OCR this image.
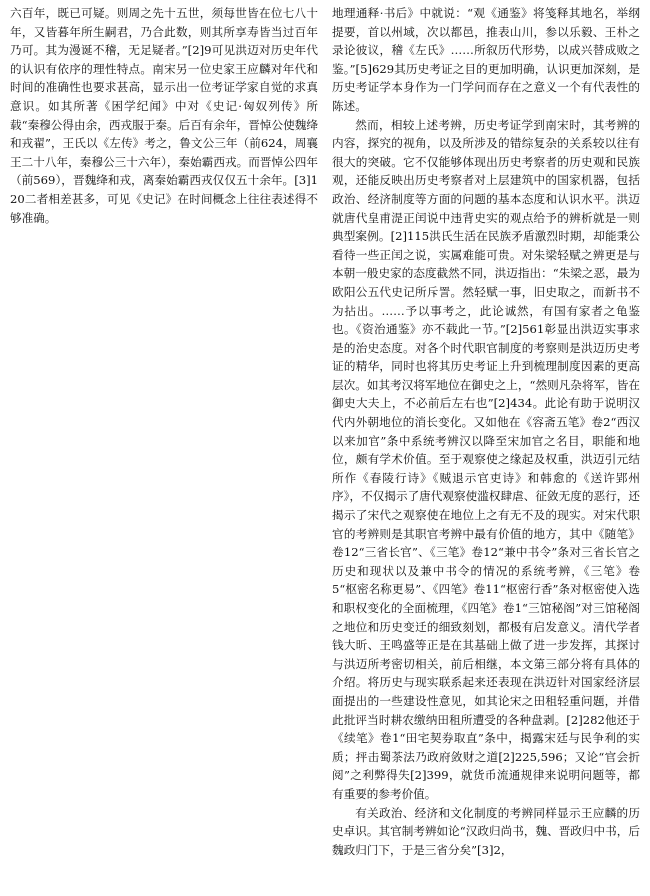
六百年，既已可疑。则周之先十五世，须每世皆在位七八十年，又皆暮年所生嗣君，乃合此数，则其所享寿皆当过百年乃可。其为漫诞不稽，无足疑者。”[2]9可见洪迈对历史年代的认识有依序的理性特点。南宋另一位史家王应麟对年代和时间的准确性也要求甚高，显示出一位考证学家自觉的求真意识。如其所著《困学纪闻》中对《史记·匈奴列传》所载“秦穆公得由余，西戎服于秦。后百有余年，晋悼公使魏绛和戎翟”，王氏以《左传》考之，鲁文公三年（前624，周襄王二十八年，秦穆公三十六年），秦始霸西戎。而晋悼公四年（前569），晋魏绛和戎，离秦始霸西戎仅仅五十余年。[3]120二者相差甚多，可见《史记》在时间概念上往往表述得不够准确。

地理通释·书后》中就说：“观《通鉴》将笺释其地名，举纲提要，首以州域，次以都邑，推表山川，参以乐毅、王朴之录论彼议，稽《左氏》……所叙历代形势，以成兴替成败之鉴。”[5]629其历史考证之目的更加明确，认识更加深刻，是历史考证学本身作为一门学问而存在之意义一个有代表性的陈述。

然而，相较上述考辨，历史考证学到南宋时，其考辨的内容，探究的视角，以及所涉及的错综复杂的关系较以往有很大的突破。它不仅能够体现出历史考察者的历史观和民族观，还能反映出历史考察者对上层建筑中的国家机器，包括政治、经济制度等方面的问题的基本态度和认识水平。洪迈就唐代皇甫湜正闰说中违背史实的观点给予的辨析就是一则典型案例。[2]115洪氏生活在民族矛盾激烈时期，却能秉公看待一些正闰之说，实属难能可贵。对朱梁轻赋之辨更是与本朝一般史家的态度截然不同，洪迈指出：“朱梁之恶，最为欧阳公五代史记所斥詈。然轻赋一事，旧史取之，而新书不为拈出。……予以事考之，此论诚然，有国有家者之龟鉴也。《资治通鉴》亦不载此一节。”[2]561彰显出洪迈实事求是的治史态度。对各个时代职官制度的考察则是洪迈历史考证的精华，同时也将其历史考证上升到梳理制度因素的更高层次。如其考汉将军地位在御史之上，“然则凡杂将军，皆在御史大夫上，不必前后左右也”[2]434。此论有助于说明汉代内外朝地位的消长变化。又如他在《容斋五笔》卷2“西汉以来加官”条中系统考辨汉以降至宋加官之名目，职能和地位，颇有学术价值。至于观察使之缘起及权重，洪迈引元结所作《春陵行诗》《贼退示官吏诗》和韩愈的《送许郢州序》，不仅揭示了唐代观察使滥权肆虐、征敛无度的恶行，还揭示了宋代之观察使在地位上之有无不及的现实。对宋代职官的考辨则是其职官考辨中最有价值的地方，其中《随笔》卷12“三省长官”、《三笔》卷12“兼中书令”条对三省长官之历史和现状以及兼中书令的情况的系统考辨，《三笔》卷5“枢密名称更易”、《四笔》卷11“枢密行香”条对枢密使入选和职权变化的全面梳理，《四笔》卷1“三馆秘阁”对三馆秘阁之地位和历史变迁的细致刻划，都极有启发意义。清代学者钱大昕、王鸣盛等正是在其基础上做了进一步发挥，其探讨与洪迈所考密切相关，前后相继，本文第三部分将有具体的介绍。将历史与现实联系起来还表现在洪迈针对国家经济层面提出的一些建设性意见，如其论宋之田租轻重问题，并借此批评当时耕农缴纳田租所遭受的各种盘剥。[2]282他还于《续笔》卷1“田宅契券取直”条中，揭露宋廷与民争利的实质；抨击蜀茶法乃政府敛财之道[2]225,596；又论“官会折阅”之利弊得失[2]399，就货币流通规律来说明问题等，都有重要的参考价值。

有关政治、经济和文化制度的考辨同样显示王应麟的历史卓识。其官制考辨如论“汉政归尚书，魏、晋政归中书，后魏政归门下，于是三省分矣”[3]2，
